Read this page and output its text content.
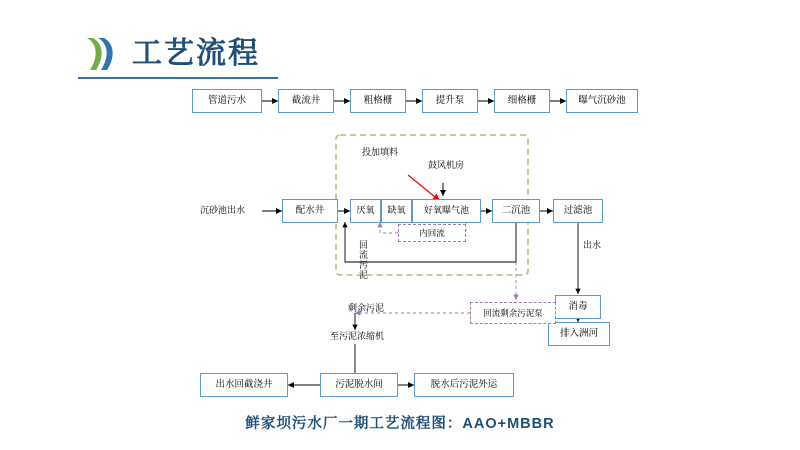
工艺流程
管道污水	截流井	粗格栅	提升泵	细格栅	曝气沉砂池
沉砂池出水	配水井	厌氧	缺氧	好氧曝气池	二沉池	过滤池
内回流
投加填料
鼓风机房
出水
消毒
排入洲河
回流污泥
回流剩余污泥泵
剩余污泥
至污泥浓缩机
出水回截浇井	污泥脱水间	脱水后污泥外运
鲜家坝污水厂一期工艺流程图：AAO+MBBR
